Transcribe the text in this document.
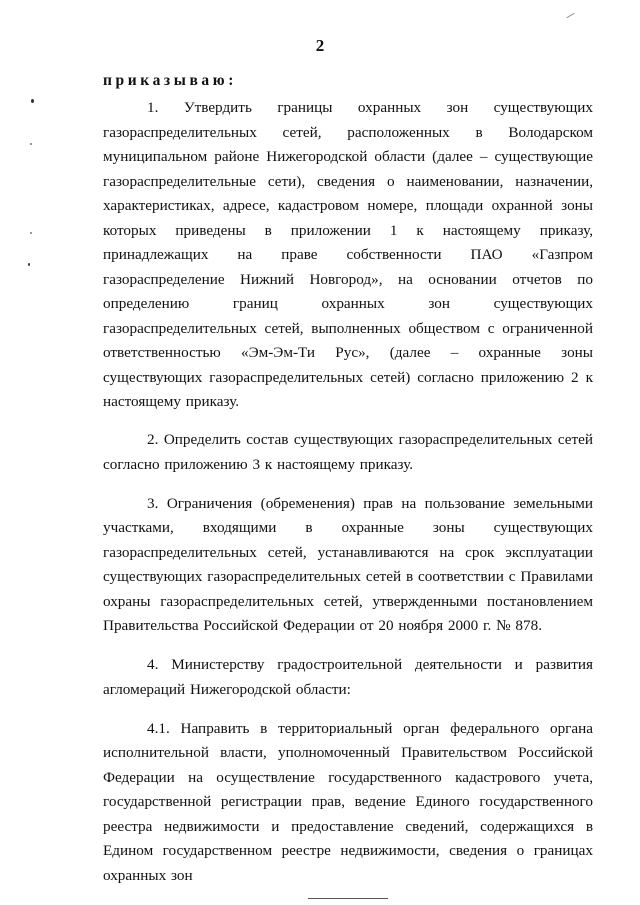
2
приказываю:

1. Утвердить границы охранных зон существующих газораспределительных сетей, расположенных в Володарском муниципальном районе Нижегородской области (далее – существующие газораспределительные сети), сведения о наименовании, назначении, характеристиках, адресе, кадастровом номере, площади охранной зоны которых приведены в приложении 1 к настоящему приказу, принадлежащих на праве собственности ПАО «Газпром газораспределение Нижний Новгород», на основании отчетов по определению границ охранных зон существующих газораспределительных сетей, выполненных обществом с ограниченной ответственностью «Эм-Эм-Ти Рус», (далее – охранные зоны существующих газораспределительных сетей) согласно приложению 2 к настоящему приказу.

2. Определить состав существующих газораспределительных сетей согласно приложению 3 к настоящему приказу.

3. Ограничения (обременения) прав на пользование земельными участками, входящими в охранные зоны существующих газораспределительных сетей, устанавливаются на срок эксплуатации существующих газораспределительных сетей в соответствии с Правилами охраны газораспределительных сетей, утвержденными постановлением Правительства Российской Федерации от 20 ноября 2000 г. № 878.

4. Министерству градостроительной деятельности и развития агломераций Нижегородской области:

4.1. Направить в территориальный орган федерального органа исполнительной власти, уполномоченный Правительством Российской Федерации на осуществление государственного кадастрового учета, государственной регистрации прав, ведение Единого государственного реестра недвижимости и предоставление сведений, содержащихся в Едином государственном реестре недвижимости, сведения о границах охранных зон
